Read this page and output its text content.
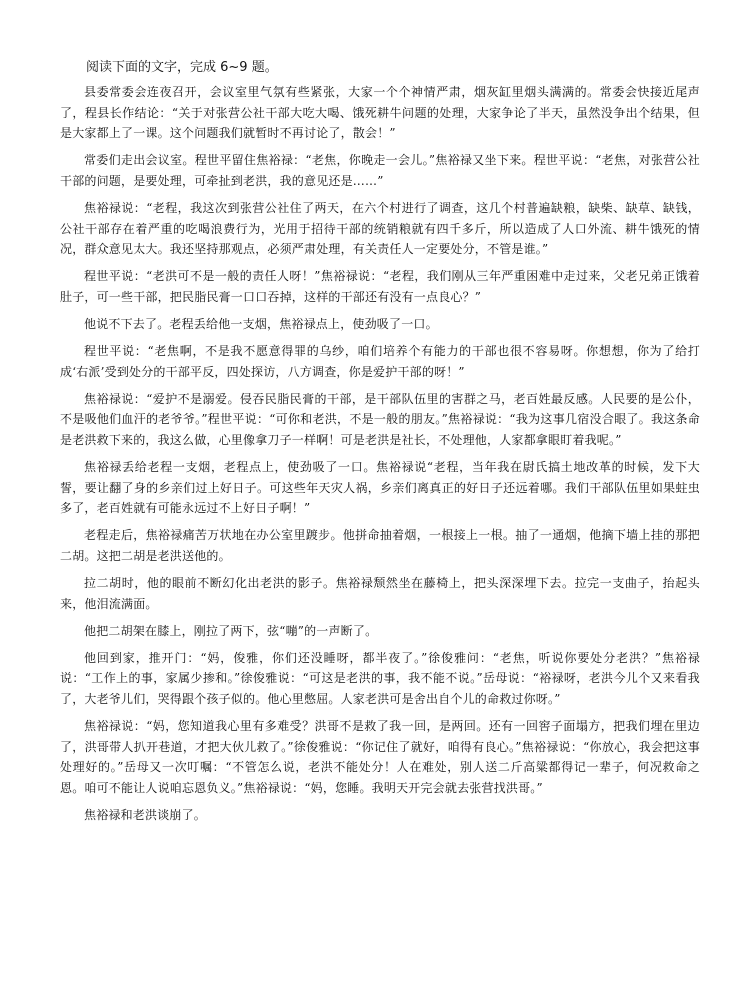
阅读下面的文字，完成 6~9 题。

县委常委会连夜召开，会议室里气氛有些紧张，大家一个个神情严肃，烟灰缸里烟头满满的。常委会快接近尾声了，程县长作结论：“关于对张营公社干部大吃大喝、饿死耕牛问题的处理，大家争论了半天，虽然没争出个结果，但是大家都上了一课。这个问题我们就暂时不再讨论了，散会！”

常委们走出会议室。程世平留住焦裕禄：“老焦，你晚走一会儿。”焦裕禄又坐下来。程世平说：“老焦，对张营公社干部的问题，是要处理，可牵扯到老洪，我的意见还是……”

焦裕禄说：“老程，我这次到张营公社住了两天，在六个村进行了调查，这几个村普遍缺粮，缺柴、缺草、缺钱，公社干部存在着严重的吃喝浪费行为，光用于招待干部的统销粮就有四千多斤，所以造成了人口外流、耕牛饿死的情况，群众意见太大。我还坚持那观点，必须严肃处理，有关责任人一定要处分，不管是谁。”

程世平说：“老洪可不是一般的责任人呀！”焦裕禄说：“老程，我们刚从三年严重困难中走过来，父老兄弟正饿着肚子，可一些干部，把民脂民膏一口口吞掉，这样的干部还有没有一点良心？”

他说不下去了。老程丢给他一支烟，焦裕禄点上，使劲吸了一口。

程世平说：“老焦啊，不是我不愿意得罪的乌纱，咱们培养个有能力的干部也很不容易呀。你想想，你为了给打成‘右派’受到处分的干部平反，四处探访，八方调查，你是爱护干部的呀！”

焦裕禄说：“爱护不是溺爱。侵吞民脂民膏的干部，是干部队伍里的害群之马，老百姓最反感。人民要的是公仆，不是吸他们血汗的老爷爷。”程世平说：“可你和老洪，不是一般的朋友。”焦裕禄说：“我为这事几宿没合眼了。我这条命是老洪救下来的，我这么做，心里像拿刀子一样啊！可是老洪是社长，不处理他，人家都拿眼盯着我呢。”

焦裕禄丢给老程一支烟，老程点上，使劲吸了一口。焦裕禄说“老程，当年我在尉氏搞土地改革的时候，发下大誓，要让翻了身的乡亲们过上好日子。可这些年天灾人祸，乡亲们离真正的好日子还远着哪。我们干部队伍里如果蛀虫多了，老百姓就有可能永远过不上好日子啊！”

老程走后，焦裕禄痛苦万状地在办公室里踱步。他拼命抽着烟，一根接上一根。抽了一通烟，他摘下墙上挂的那把二胡。这把二胡是老洪送他的。

拉二胡时，他的眼前不断幻化出老洪的影子。焦裕禄颓然坐在藤椅上，把头深深埋下去。拉完一支曲子，抬起头来，他泪流满面。

他把二胡架在膝上，刚拉了两下，弦“嘣”的一声断了。

他回到家，推开门：“妈，俊雅，你们还没睡呀，都半夜了。”徐俊雅问：“老焦，听说你要处分老洪？”焦裕禄说：“工作上的事，家属少掺和。”徐俊雅说：“可这是老洪的事，我不能不说。”岳母说：“裕禄呀，老洪今儿个又来看我了，大老爷儿们，哭得跟个孩子似的。他心里憋屈。人家老洪可是舍出自个儿的命救过你呀。”

焦裕禄说：“妈，您知道我心里有多难受？洪哥不是救了我一回，是两回。还有一回窖子面塌方，把我们埋在里边了，洪哥带人扒开巷道，才把大伙儿救了。”徐俊雅说：“你记住了就好，咱得有良心。”焦裕禄说：“你放心，我会把这事处理好的。”岳母又一次叮嘱：“不管怎么说，老洪不能处分！人在难处，别人送二斤高粱都得记一辈子，何况救命之恩。咱可不能让人说咱忘恩负义。”焦裕禄说：“妈，您睡。我明天开完会就去张营找洪哥。”

焦裕禄和老洪谈崩了。
